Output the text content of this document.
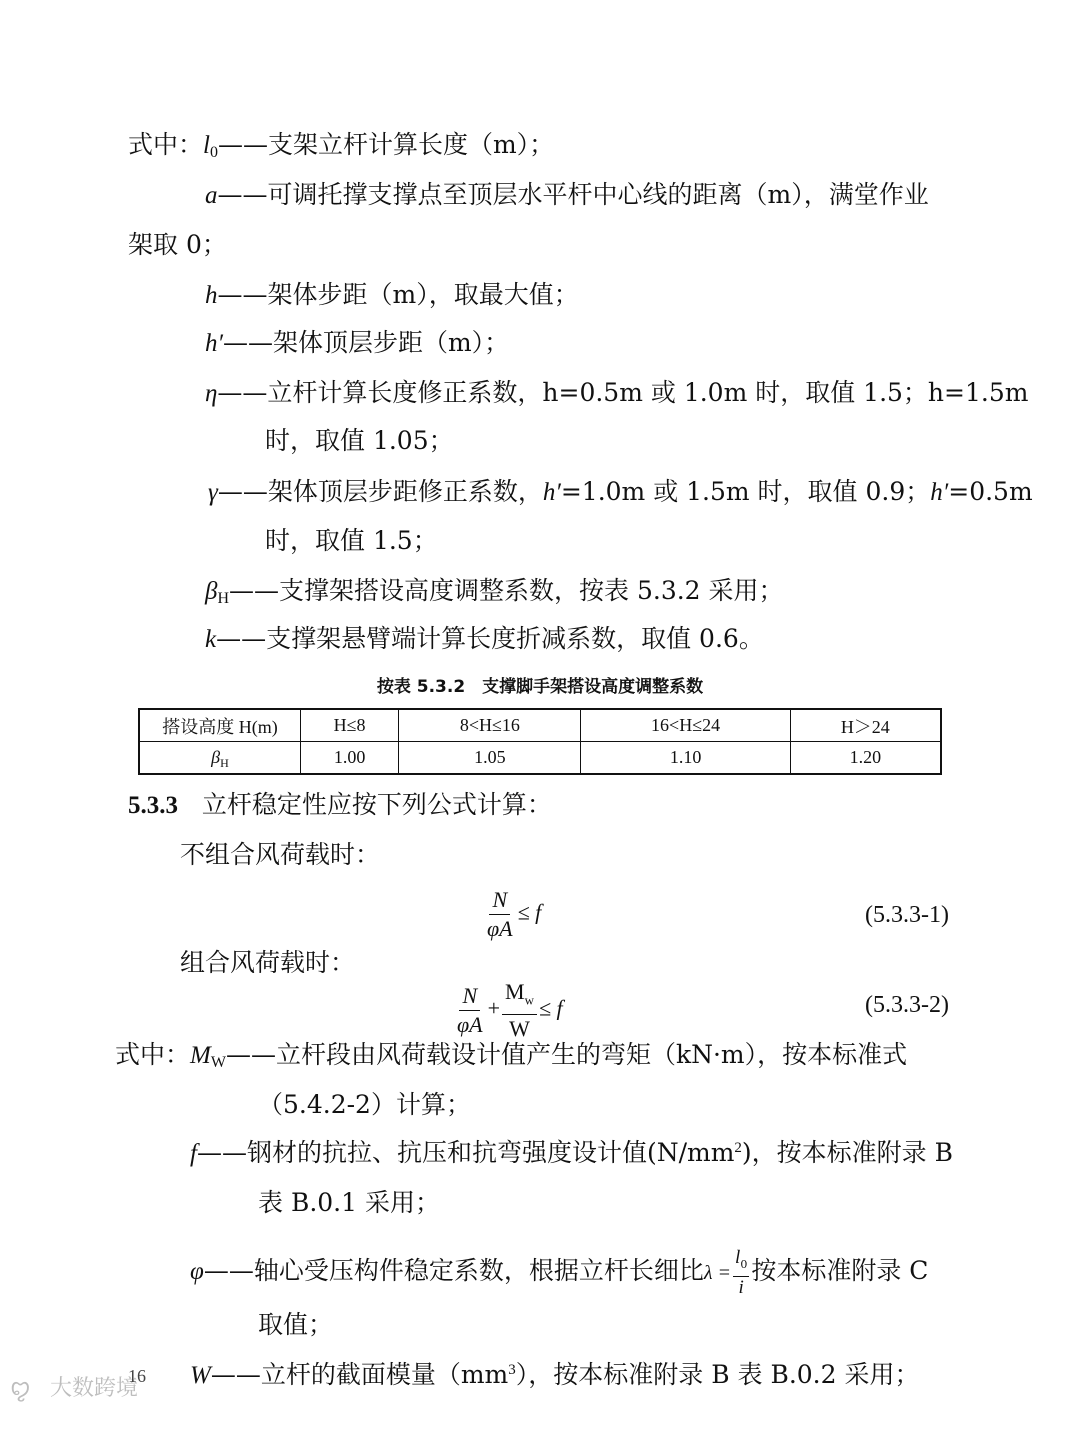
式中：$l_0——$支架立杆计算长度（m）；
a——可调托撑支撑点至顶层水平杆中心线的距离（m），满堂作业
架取 0；
h——架体步距（m），取最大值；
h′——架体顶层步距（m）；
η——立杆计算长度修正系数，h=0.5m 或 1.0m 时，取值 1.5；h=1.5m
时，取值 1.05；
γ——架体顶层步距修正系数，h′=1.0m 或 1.5m 时，取值 0.9；h′=0.5m
时，取值 1.5；
$\beta_H——$支撑架搭设高度调整系数，按表 5.3.2 采用；
k——支撑架悬臂端计算长度折减系数，取值 0.6。
按表 5.3.2　支撑脚手架搭设高度调整系数
搭设高度 H(m)	H≤8	8<H≤16	16<H≤24	H＞24
$\beta_H$	1.00	1.05	1.10	1.20
5.3.3 立杆稳定性应按下列公式计算：
不组合风荷载时：
$\frac{N}{\varphi A} \le f$	(5.3.3-1)
组合风荷载时：
$\frac{N}{\varphi A} + \frac{M_w}{W} \le f$	(5.3.3-2)
式中：$M_W——$立杆段由风荷载设计值产生的弯矩（kN·m），按本标准式
（5.4.2-2）计算；
f——钢材的抗拉、抗压和抗弯强度设计值$(N/mm^2)$，按本标准附录 B
表 B.0.1 采用；
φ——轴心受压构件稳定系数，根据立杆长细比$\lambda = \frac{l_0}{i}$ 按本标准附录 C
取值；
W——立杆的截面模量$(mm^3)$，按本标准附录 B 表 B.0.2 采用；
ꨄ 大数跨境
16
